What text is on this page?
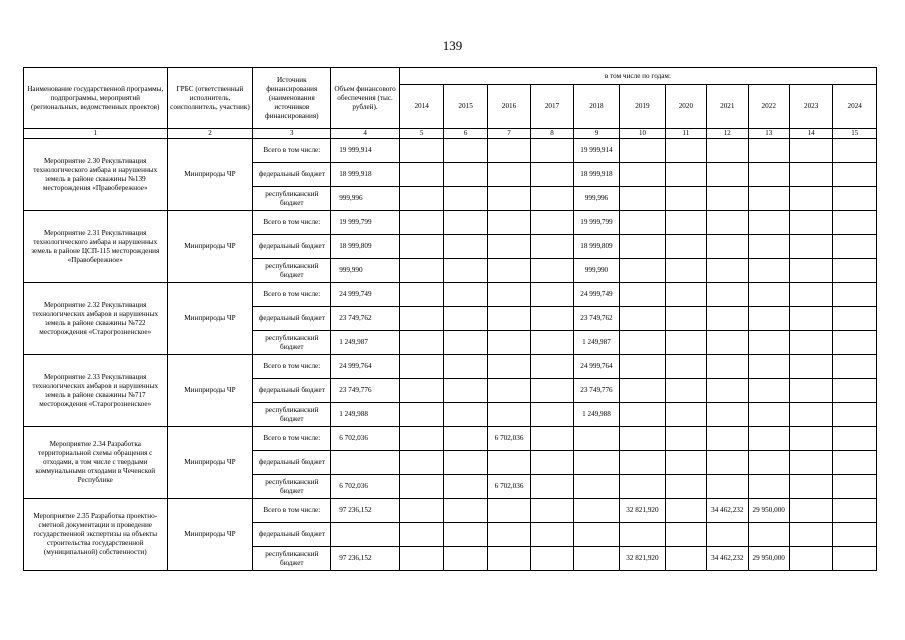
139
Наименование государственной программы, подпрограммы, мероприятий (региональных, ведомственных проектов)	ГРБС (ответственный исполнитель, соисполнитель, участник)	Источник финансирования (наименования источников финансирования)	Объем финансового обеспечения (тыс. рублей).	в том числе по годам:										
				2014	2015	2016	2017	2018	2019	2020	2021	2022	2023	2024
1	2	3	4	5	6	7	8	9	10	11	12	13	14	15
Мероприятие 2.30 Рекультивация технологического амбара и нарушенных земель в районе скважины №139 месторождения «Правобережное»	Минприроды ЧР	Всего в том числе:	19 999,914					19 999,914						
		федеральный бюджет	18 999,918					18 999,918						
		республиканский бюджет	999,996					999,996						
Мероприятие 2.31 Рекультивация технологического амбара и нарушенных земель в районе ЦСП-115 месторождения «Правобережное»	Минприроды ЧР	Всего в том числе:	19 999,799					19 999,799						
		федеральный бюджет	18 999,809					18 999,809						
		республиканский бюджет	999,990					999,990						
Мероприятие 2.32 Рекультивация технологических амбаров и нарушенных земель в районе скважины №722 месторождения «Старогрозненское»	Минприроды ЧР	Всего в том числе:	24 999,749					24 999,749						
		федеральный бюджет	23 749,762					23 749,762						
		республиканский бюджет	1 249,987					1 249,987						
Мероприятие 2.33 Рекультивация технологических амбаров и нарушенных земель в районе скважины №717 месторождения «Старогрозненское»	Минприроды ЧР	Всего в том числе:	24 999,764					24 999,764						
		федеральный бюджет	23 749,776					23 749,776						
		республиканский бюджет	1 249,988					1 249,988						
Мероприятие 2.34 Разработка территориальной схемы обращения с отходами, в том числе с твердыми коммунальными отходами в Чеченской Республике	Минприроды ЧР	Всего в том числе:	6 702,036			6 702,036								
		федеральный бюджет												
		республиканский бюджет	6 702,036			6 702,036								
Мероприятие 2.35 Разработка проектно-сметной документации и проведение государственной экспертизы на объекты строительства государственной (муниципальной) собственности)	Минприроды ЧР	Всего в том числе:	97 236,152						32 821,920		34 462,232	29 950,000		
		федеральный бюджет												
		республиканский бюджет	97 236,152						32 821,920		34 462,232	29 950,000		
